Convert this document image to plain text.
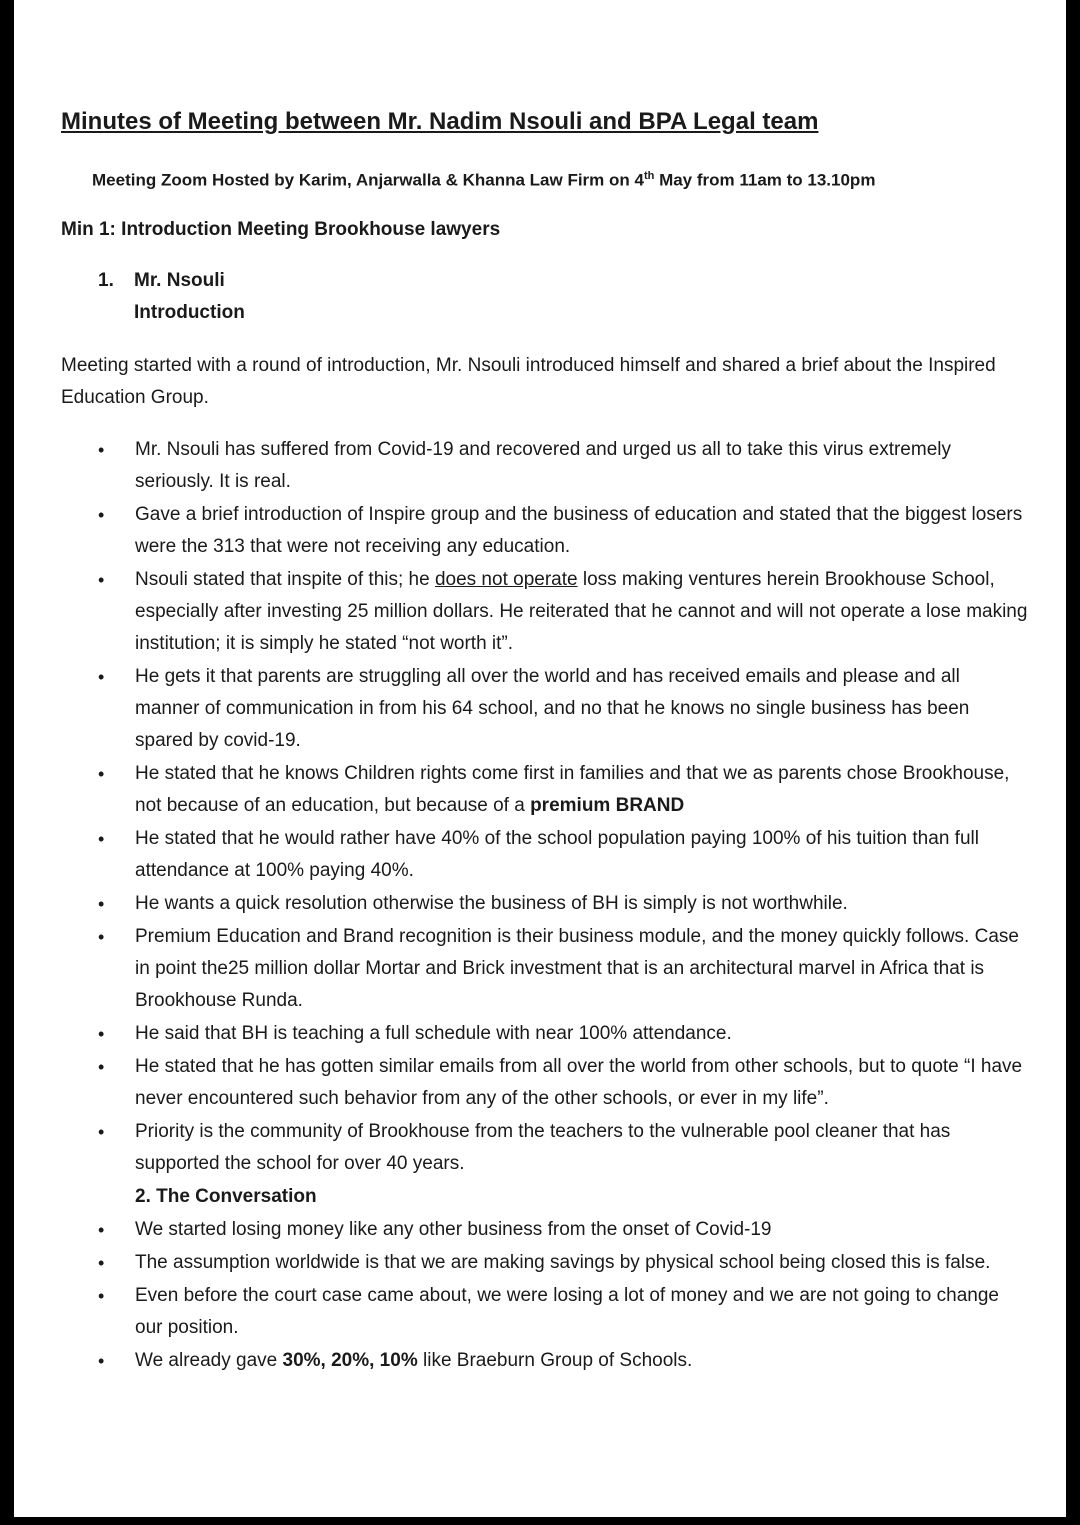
Minutes of Meeting between Mr. Nadim Nsouli and BPA Legal team
Meeting Zoom Hosted by Karim, Anjarwalla & Khanna Law Firm on 4th May from 11am to 13.10pm
Min 1: Introduction Meeting Brookhouse lawyers
1. Mr. Nsouli
Introduction
Meeting started with a round of introduction, Mr. Nsouli introduced himself and shared a brief about the Inspired Education Group.
• Mr. Nsouli has suffered from Covid-19 and recovered and urged us all to take this virus extremely seriously. It is real.
• Gave a brief introduction of Inspire group and the business of education and stated that the biggest losers were the 313 that were not receiving any education.
• Nsouli stated that inspite of this; he does not operate loss making ventures herein Brookhouse School, especially after investing 25 million dollars. He reiterated that he cannot and will not operate a lose making institution; it is simply he stated “not worth it”.
• He gets it that parents are struggling all over the world and has received emails and please and all manner of communication in from his 64 school, and no that he knows no single business has been spared by covid-19.
• He stated that he knows Children rights come first in families and that we as parents chose Brookhouse, not because of an education, but because of a premium BRAND
• He stated that he would rather have 40% of the school population paying 100% of his tuition than full attendance at 100% paying 40%.
• He wants a quick resolution otherwise the business of BH is simply is not worthwhile.
• Premium Education and Brand recognition is their business module, and the money quickly follows. Case in point the25 million dollar Mortar and Brick investment that is an architectural marvel in Africa that is Brookhouse Runda.
• He said that BH is teaching a full schedule with near 100% attendance.
• He stated that he has gotten similar emails from all over the world from other schools, but to quote “I have never encountered such behavior from any of the other schools, or ever in my life”.
• Priority is the community of Brookhouse from the teachers to the vulnerable pool cleaner that has supported the school for over 40 years.
2. The Conversation
• We started losing money like any other business from the onset of Covid-19
• The assumption worldwide is that we are making savings by physical school being closed this is false.
• Even before the court case came about, we were losing a lot of money and we are not going to change our position.
• We already gave 30%, 20%, 10% like Braeburn Group of Schools.
